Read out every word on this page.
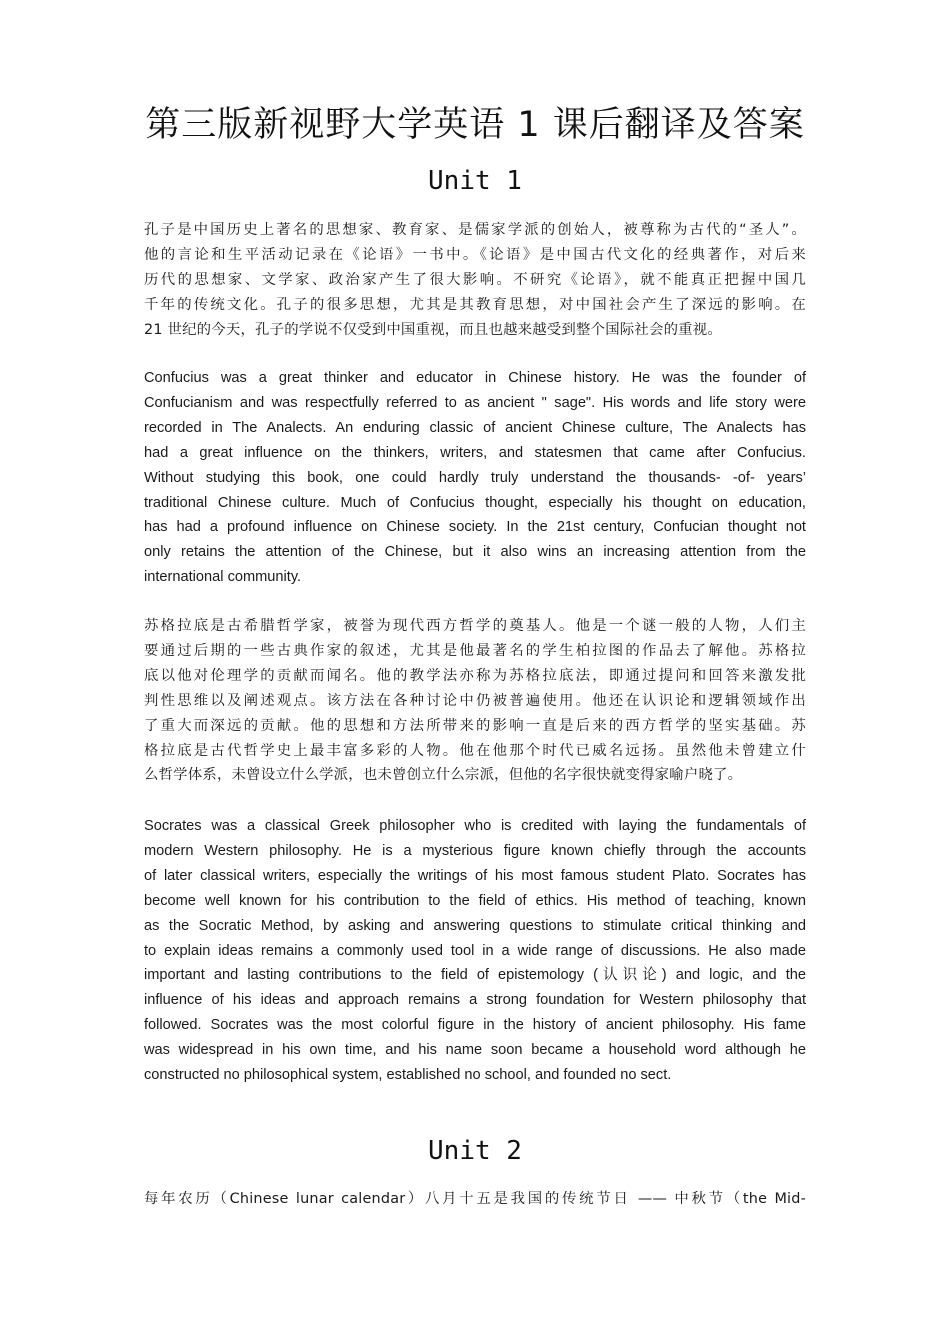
第三版新视野大学英语 1 课后翻译及答案
Unit 1
孔子是中国历史上著名的思想家、教育家、是儒家学派的创始人，被尊称为古代的“圣人”。
他的言论和生平活动记录在《论语》一书中。《论语》是中国古代文化的经典著作，对后来
历代的思想家、文学家、政治家产生了很大影响。不研究《论语》，就不能真正把握中国几
千年的传统文化。孔子的很多思想，尤其是其教育思想，对中国社会产生了深远的影响。在
21 世纪的今天，孔子的学说不仅受到中国重视，而且也越来越受到整个国际社会的重视。
Confucius was a great thinker and educator in Chinese history. He was the founder of
Confucianism and was respectfully referred to as ancient " sage". His words and life story were
recorded in The Analects. An enduring classic of ancient Chinese culture, The Analects has
had a great influence on the thinkers, writers, and statesmen that came after Confucius.
Without studying this book, one could hardly truly understand the thousands- -of- years’
traditional Chinese culture. Much of Confucius thought, especially his thought on education,
has had a profound influence on Chinese society. In the 21st century, Confucian thought not
only retains the attention of the Chinese, but it also wins an increasing attention from the
international community.
苏格拉底是古希腊哲学家，被誉为现代西方哲学的奠基人。他是一个谜一般的人物，人们主
要通过后期的一些古典作家的叙述，尤其是他最著名的学生柏拉图的作品去了解他。苏格拉
底以他对伦理学的贡献而闻名。他的教学法亦称为苏格拉底法，即通过提问和回答来激发批
判性思维以及阐述观点。该方法在各种讨论中仍被普遍使用。他还在认识论和逻辑领域作出
了重大而深远的贡献。他的思想和方法所带来的影响一直是后来的西方哲学的坚实基础。苏
格拉底是古代哲学史上最丰富多彩的人物。他在他那个时代已威名远扬。虽然他未曾建立什
么哲学体系，未曾设立什么学派，也未曾创立什么宗派，但他的名字很快就变得家喻户晓了。
Socrates was a classical Greek philosopher who is credited with laying the fundamentals of
modern Western philosophy. He is a mysterious figure known chiefly through the accounts
of later classical writers, especially the writings of his most famous student Plato. Socrates has
become well known for his contribution to the field of ethics. His method of teaching, known
as the Socratic Method, by asking and answering questions to stimulate critical thinking and
to explain ideas remains a commonly used tool in a wide range of discussions. He also made
important and lasting contributions to the field of epistemology (认识论) and logic, and the
influence of his ideas and approach remains a strong foundation for Western philosophy that
followed. Socrates was the most colorful figure in the history of ancient philosophy. His fame
was widespread in his own time, and his name soon became a household word although he
constructed no philosophical system, established no school, and founded no sect.
Unit 2
每年农历（Chinese lunar calendar）八月十五是我国的传统节日 —— 中秋节（the Mid-
